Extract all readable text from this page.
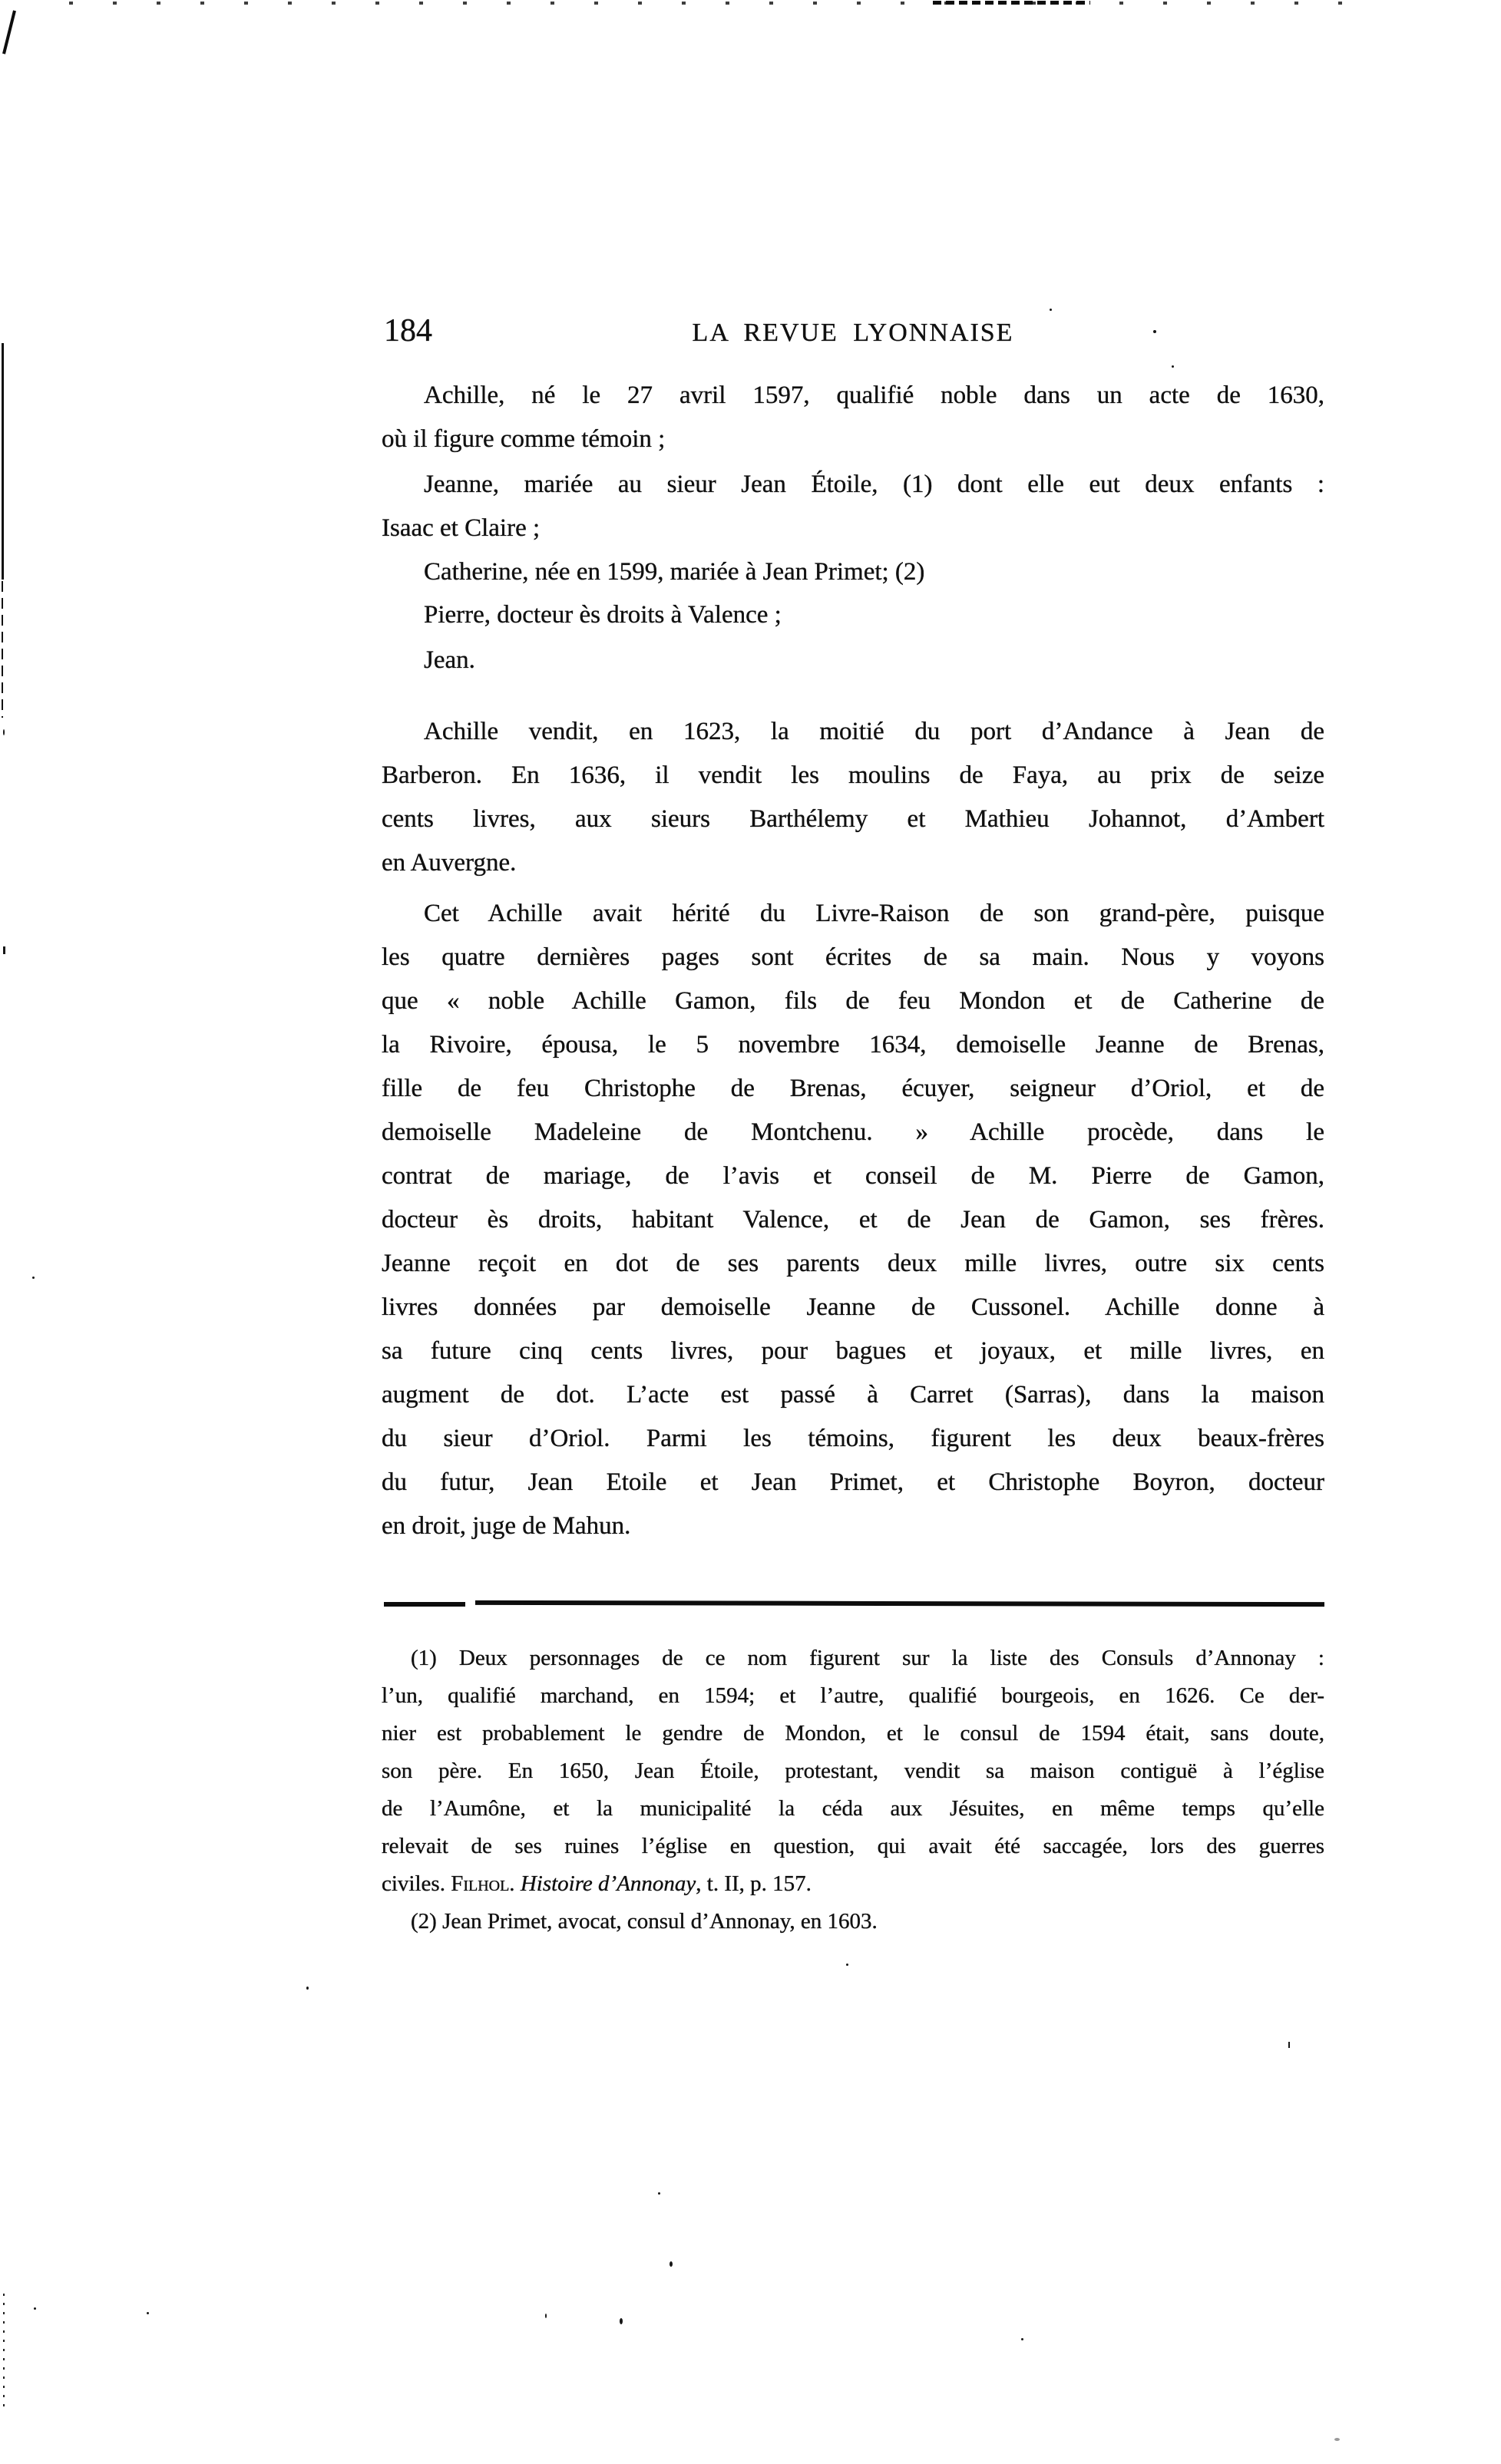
184	LA REVUE LYONNAISE
Achille, né le 27 avril 1597, qualifié noble dans un acte de 1630,
où il figure comme témoin ;
Jeanne, mariée au sieur Jean Étoile, (1) dont elle eut deux enfants :
Isaac et Claire ;
Catherine, née en 1599, mariée à Jean Primet; (2)
Pierre, docteur ès droits à Valence ;
Jean.
Achille vendit, en 1623, la moitié du port d’Andance à Jean de
Barberon. En 1636, il vendit les moulins de Faya, au prix de seize
cents livres, aux sieurs Barthélemy et Mathieu Johannot, d’Ambert
en Auvergne.
Cet Achille avait hérité du Livre-Raison de son grand-père, puisque
les quatre dernières pages sont écrites de sa main. Nous y voyons
que « noble Achille Gamon, fils de feu Mondon et de Catherine de
la Rivoire, épousa, le 5 novembre 1634, demoiselle Jeanne de Brenas,
fille de feu Christophe de Brenas, écuyer, seigneur d’Oriol, et de
demoiselle Madeleine de Montchenu. » Achille procède, dans le
contrat de mariage, de l’avis et conseil de M. Pierre de Gamon,
docteur ès droits, habitant Valence, et de Jean de Gamon, ses frères.
Jeanne reçoit en dot de ses parents deux mille livres, outre six cents
livres données par demoiselle Jeanne de Cussonel. Achille donne à
sa future cinq cents livres, pour bagues et joyaux, et mille livres, en
augment de dot. L’acte est passé à Carret (Sarras), dans la maison
du sieur d’Oriol. Parmi les témoins, figurent les deux beaux-frères
du futur, Jean Etoile et Jean Primet, et Christophe Boyron, docteur
en droit, juge de Mahun.
(1) Deux personnages de ce nom figurent sur la liste des Consuls d’Annonay :
l’un, qualifié marchand, en 1594; et l’autre, qualifié bourgeois, en 1626. Ce der-
nier est probablement le gendre de Mondon, et le consul de 1594 était, sans doute,
son père. En 1650, Jean Étoile, protestant, vendit sa maison contiguë à l’église
de l’Aumône, et la municipalité la céda aux Jésuites, en même temps qu’elle
relevait de ses ruines l’église en question, qui avait été saccagée, lors des guerres
civiles. Filhol. Histoire d’Annonay, t. II, p. 157.
(2) Jean Primet, avocat, consul d’Annonay, en 1603.
